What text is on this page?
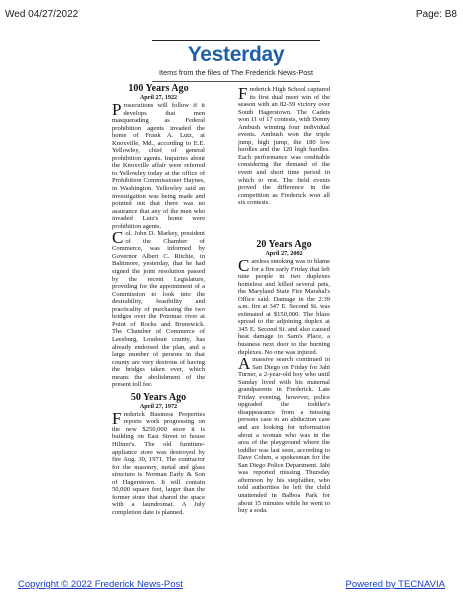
Wed 04/27/2022	Page: B8
Yesterday
Items from the files of The Frederick News-Post
100 Years Ago
April 27, 1922

Prosecutions will follow if it develops that men masquerading as Federal prohibition agents invaded the home of Frank A. Lutz, at Knoxville, Md., according to E.E. Yellowley, chief of general prohibition agents. Inquiries about the Knoxville affair were referred to Yellowley today at the office of Prohibition Commissioner Haynes, in Washington. Yellowley said an investigation was being made and pointed out that there was no assurance that any of the men who invaded Lutz's home were prohibition agents.

Col. John D. Markey, president of the Chamber of Commerce, was informed by Governor Albert C. Ritchie, in Baltimore, yesterday, that he had signed the joint resolution passed by the recent Legislature, providing for the appointment of a Commission to look into the desirability, feasibility and practicality of purchasing the two bridges over the Potomac river at Point of Rocks and Brunswick. The Chamber of Commerce of Leesburg, Loudoun county, has already endorsed the plan, and a large number of persons in that county are very desirous of having the bridges taken over, which means the abolishment of the present toll fee.

50 Years Ago
April 27, 1972

Frederick Business Properties reports work progressing on the new $250,000 store it is building on East Street to house Hiltner's. The old furniture-appliance store was destroyed by fire Aug. 30, 1971. The contractor for the masonry, metal and glass structure is Norman Early & Son of Hagerstown. It will contain 50,000 square feet, larger than the former store that shared the space with a laundromat. A July completion date is planned.

Frederick High School captured its first dual meet win of the season with an 82-59 victory over South Hagerstown. The Cadets won 11 of 17 contests, with Donny Ambush winning four individual events. Ambush won the triple jump, high jump, the 180 low hurdles and the 120 high hurdles. Each performance was creditable considering the demand of the event and short time period in which to rest. The field events proved the difference in the competition as Frederick won all six contests.

20 Years Ago
April 27, 2002

Careless smoking was to blame for a fire early Friday that left nine people in two duplexes homeless and killed several pets, the Maryland State Fire Marshal's Office said. Damage in the 2:39 a.m. fire at 347 E. Second St. was estimated at $150,000. The blaze spread to the adjoining duplex at 345 E. Second St. and also caused heat damage to Sam's Place, a business next door to the burning duplexes. No one was injured.

Amassive search continued in San Diego on Friday for Jahi Turner, a 2-year-old boy who until Sunday lived with his maternal grandparents in Frederick. Late Friday evening, however, police upgraded the toddler's disappearance from a missing persons case to an abduction case and are looking for information about a woman who was in the area of the playground where the toddler was last seen, according to Dave Cohen, a spokesman for the San Diego Police Department. Jahi was reported missing Thursday afternoon by his stepfather, who told authorities he left the child unattended in Balboa Park for about 15 minutes while he went to buy a soda.

Copyright © 2022 Frederick News-Post	Powered by TECNAVIA
